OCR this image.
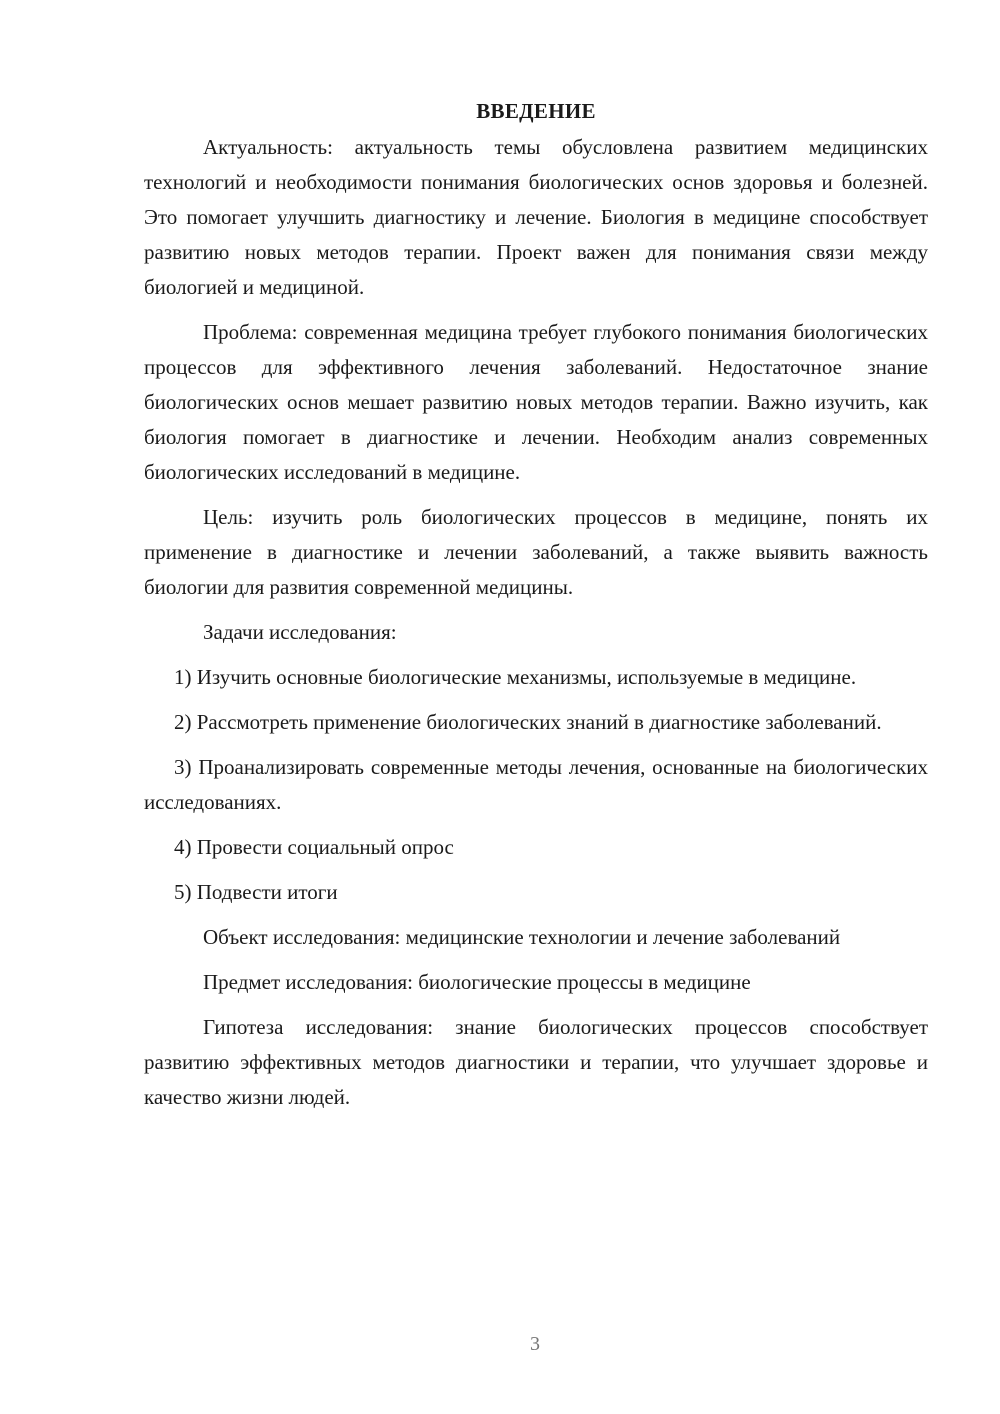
ВВЕДЕНИЕ

Актуальность: актуальность темы обусловлена развитием медицинских технологий и необходимости понимания биологических основ здоровья и болезней. Это помогает улучшить диагностику и лечение. Биология в медицине способствует развитию новых методов терапии. Проект важен для понимания связи между биологией и медициной.

Проблема: современная медицина требует глубокого понимания биологических процессов для эффективного лечения заболеваний. Недостаточное знание биологических основ мешает развитию новых методов терапии. Важно изучить, как биология помогает в диагностике и лечении. Необходим анализ современных биологических исследований в медицине.

Цель: изучить роль биологических процессов в медицине, понять их применение в диагностике и лечении заболеваний, а также выявить важность биологии для развития современной медицины.

Задачи исследования:

1) Изучить основные биологические механизмы, используемые в медицине.

2) Рассмотреть применение биологических знаний в диагностике заболеваний.

3) Проанализировать современные методы лечения, основанные на биологических исследованиях.

4) Провести социальный опрос

5) Подвести итоги

Объект исследования: медицинские технологии и лечение заболеваний

Предмет исследования: биологические процессы в медицине

Гипотеза исследования: знание биологических процессов способствует развитию эффективных методов диагностики и терапии, что улучшает здоровье и качество жизни людей.

3
